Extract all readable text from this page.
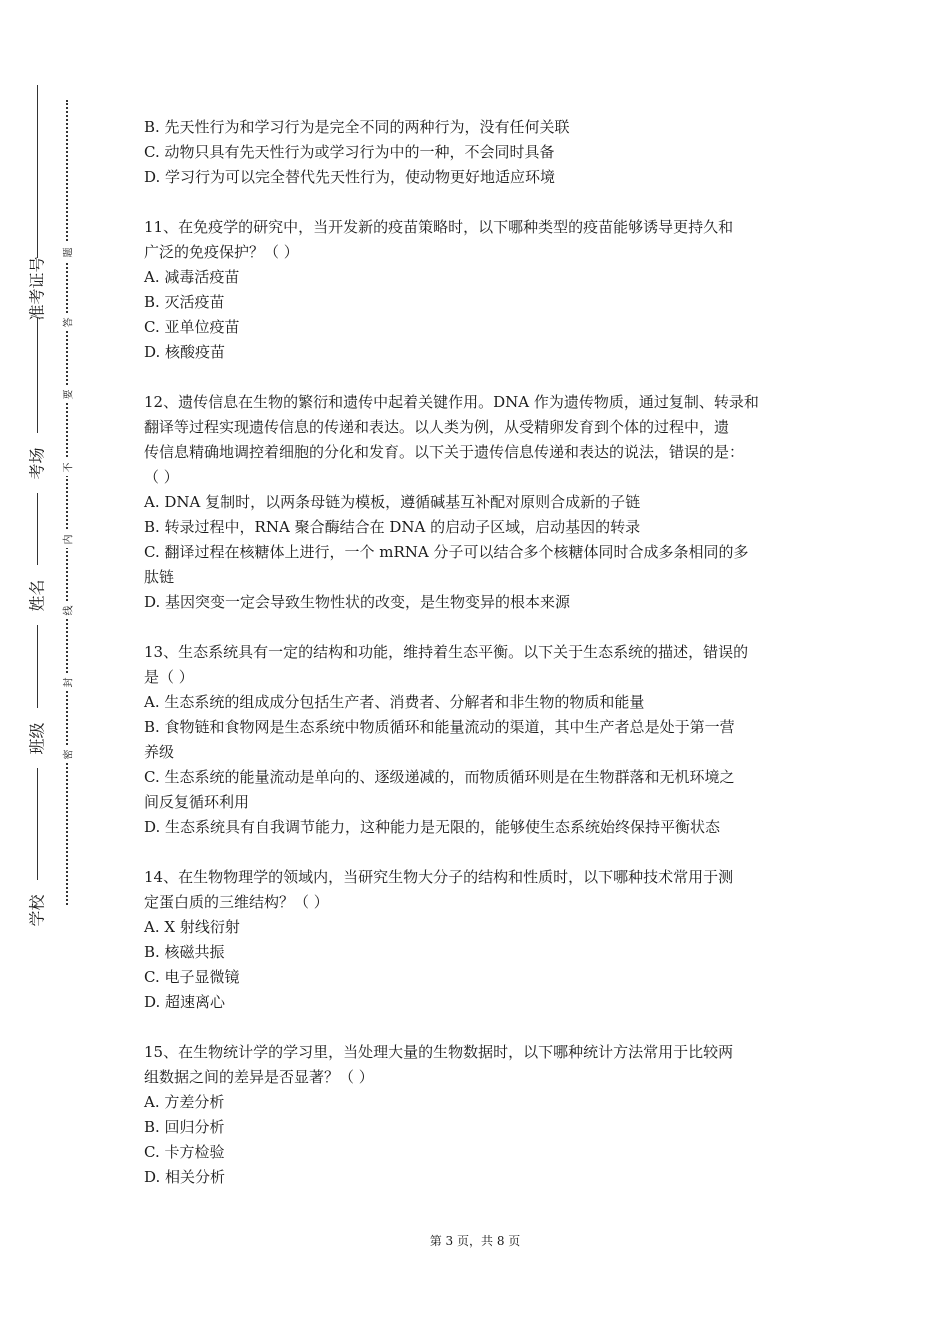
准考证号
考场
姓名
班级
学校
题
答
要
不
内
线
封
密
B. 先天性行为和学习行为是完全不同的两种行为，没有任何关联
C. 动物只具有先天性行为或学习行为中的一种，不会同时具备
D. 学习行为可以完全替代先天性行为，使动物更好地适应环境
11、在免疫学的研究中，当开发新的疫苗策略时，以下哪种类型的疫苗能够诱导更持久和
广泛的免疫保护？（ ）
A. 减毒活疫苗
B. 灭活疫苗
C. 亚单位疫苗
D. 核酸疫苗
12、遗传信息在生物的繁衍和遗传中起着关键作用。DNA 作为遗传物质，通过复制、转录和
翻译等过程实现遗传信息的传递和表达。以人类为例，从受精卵发育到个体的过程中，遗
传信息精确地调控着细胞的分化和发育。以下关于遗传信息传递和表达的说法，错误的是：
（ ）
A. DNA 复制时，以两条母链为模板，遵循碱基互补配对原则合成新的子链
B. 转录过程中，RNA 聚合酶结合在 DNA 的启动子区域，启动基因的转录
C. 翻译过程在核糖体上进行，一个 mRNA 分子可以结合多个核糖体同时合成多条相同的多
肽链
D. 基因突变一定会导致生物性状的改变，是生物变异的根本来源
13、生态系统具有一定的结构和功能，维持着生态平衡。以下关于生态系统的描述，错误的
是（ ）
A. 生态系统的组成成分包括生产者、消费者、分解者和非生物的物质和能量
B. 食物链和食物网是生态系统中物质循环和能量流动的渠道，其中生产者总是处于第一营
养级
C. 生态系统的能量流动是单向的、逐级递减的，而物质循环则是在生物群落和无机环境之
间反复循环利用
D. 生态系统具有自我调节能力，这种能力是无限的，能够使生态系统始终保持平衡状态
14、在生物物理学的领域内，当研究生物大分子的结构和性质时，以下哪种技术常用于测
定蛋白质的三维结构？（ ）
A. X 射线衍射
B. 核磁共振
C. 电子显微镜
D. 超速离心
15、在生物统计学的学习里，当处理大量的生物数据时，以下哪种统计方法常用于比较两
组数据之间的差异是否显著？（ ）
A. 方差分析
B. 回归分析
C. 卡方检验
D. 相关分析
第 3 页，共 8 页
